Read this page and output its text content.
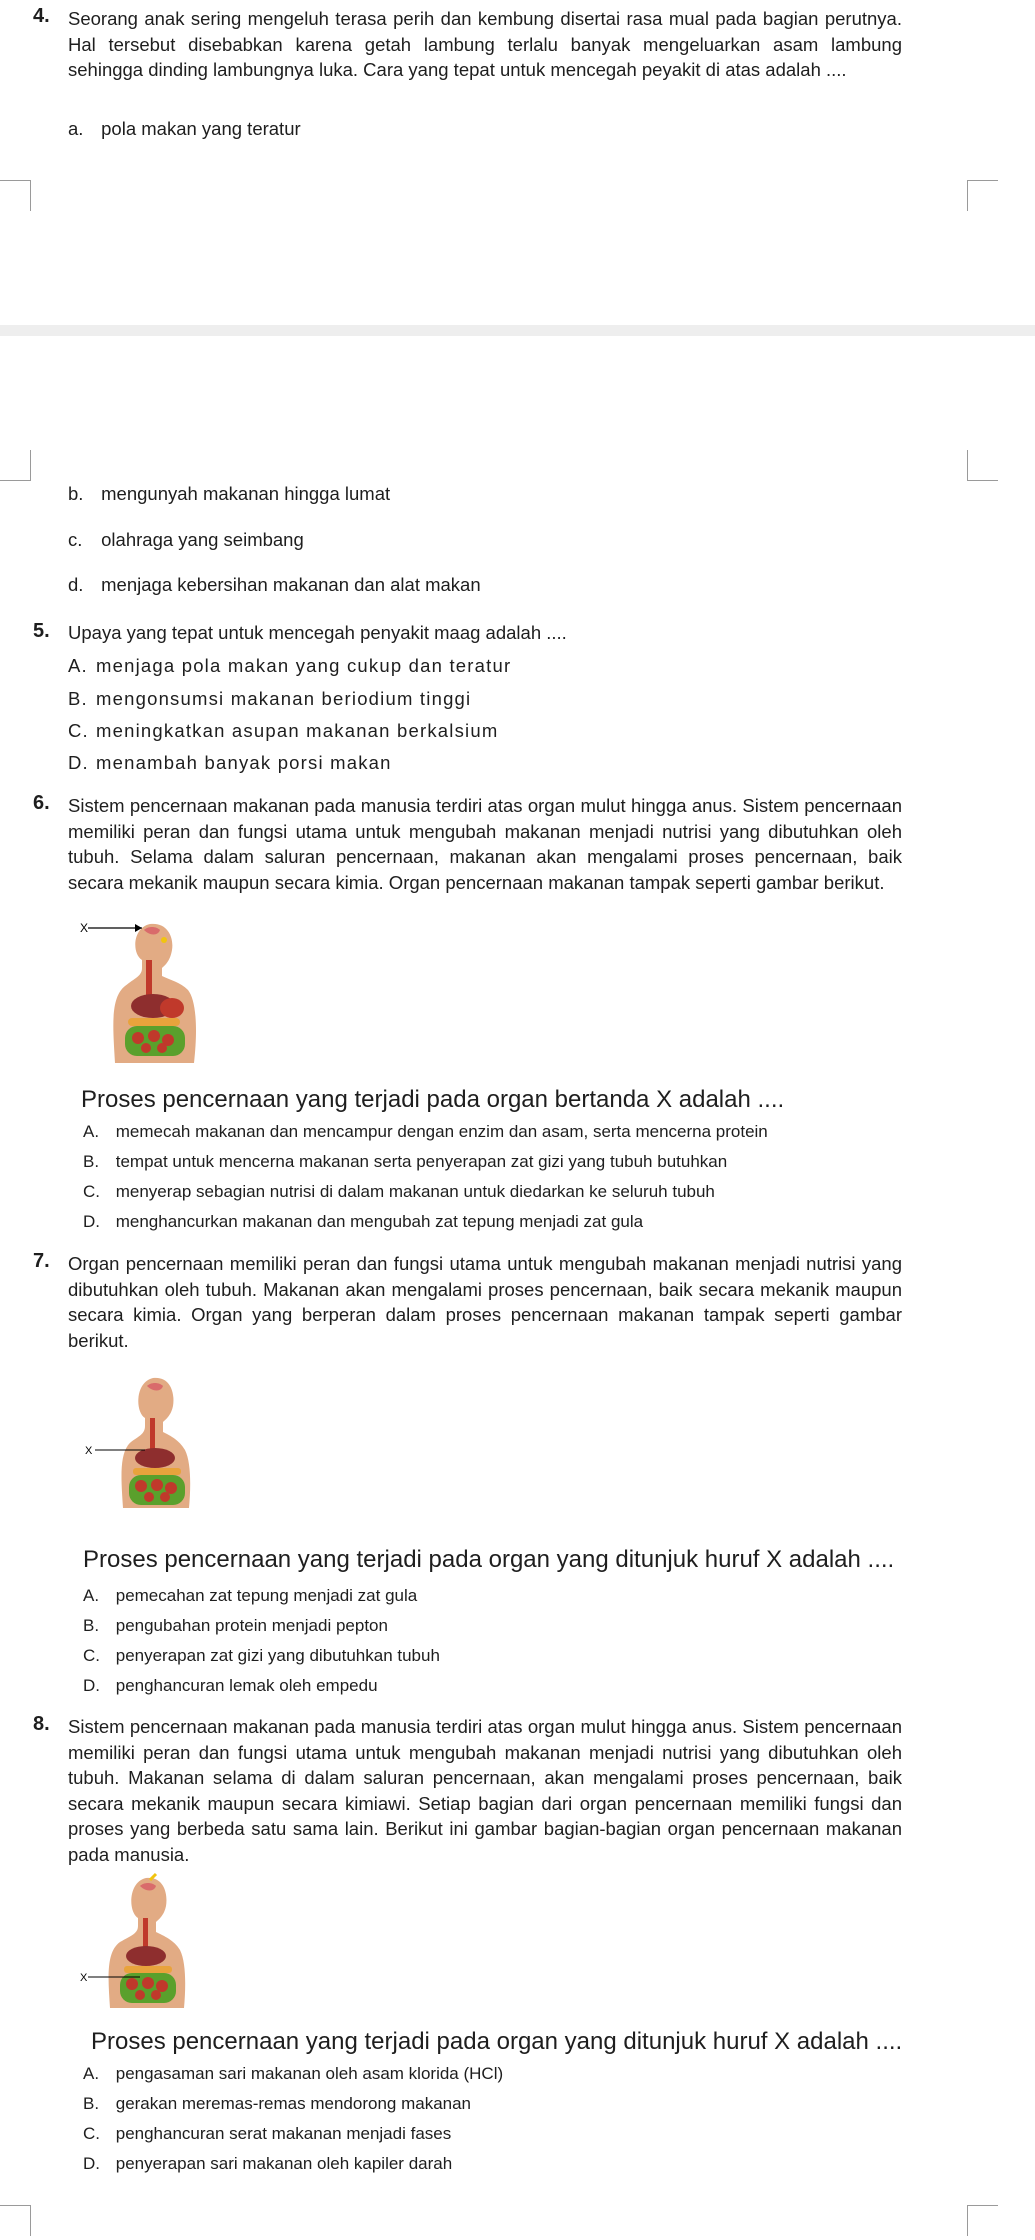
4. Seorang anak sering mengeluh terasa perih dan kembung disertai rasa mual pada bagian perutnya. Hal tersebut disebabkan karena getah lambung terlalu banyak mengeluarkan asam lambung sehingga dinding lambungnya luka. Cara yang tepat untuk mencegah peyakit di atas adalah ....
a. pola makan yang teratur
b. mengunyah makanan hingga lumat
c. olahraga yang seimbang
d. menjaga kebersihan makanan dan alat makan
5. Upaya yang tepat untuk mencegah penyakit maag adalah ....
A. menjaga pola makan yang cukup dan teratur
B. mengonsumsi makanan beriodium tinggi
C. meningkatkan asupan makanan berkalsium
D. menambah banyak porsi makan
6. Sistem pencernaan makanan pada manusia terdiri atas organ mulut hingga anus. Sistem pencernaan memiliki peran dan fungsi utama untuk mengubah makanan menjadi nutrisi yang dibutuhkan oleh tubuh. Selama dalam saluran pencernaan, makanan akan mengalami proses pencernaan, baik secara mekanik maupun secara kimia. Organ pencernaan makanan tampak seperti gambar berikut.
X
Proses pencernaan yang terjadi pada organ bertanda X adalah ....
A. memecah makanan dan mencampur dengan enzim dan asam, serta mencerna protein
B. tempat untuk mencerna makanan serta penyerapan zat gizi yang tubuh butuhkan
C. menyerap sebagian nutrisi di dalam makanan untuk diedarkan ke seluruh tubuh
D. menghancurkan makanan dan mengubah zat tepung menjadi zat gula
7. Organ pencernaan memiliki peran dan fungsi utama untuk mengubah makanan menjadi nutrisi yang dibutuhkan oleh tubuh. Makanan akan mengalami proses pencernaan, baik secara mekanik maupun secara kimia. Organ yang berperan dalam proses pencernaan makanan tampak seperti gambar berikut.
X
Proses pencernaan yang terjadi pada organ yang ditunjuk huruf X adalah ....
A. pemecahan zat tepung menjadi zat gula
B. pengubahan protein menjadi pepton
C. penyerapan zat gizi yang dibutuhkan tubuh
D. penghancuran lemak oleh empedu
8. Sistem pencernaan makanan pada manusia terdiri atas organ mulut hingga anus. Sistem pencernaan memiliki peran dan fungsi utama untuk mengubah makanan menjadi nutrisi yang dibutuhkan oleh tubuh. Makanan selama di dalam saluran pencernaan, akan mengalami proses pencernaan, baik secara mekanik maupun secara kimiawi. Setiap bagian dari organ pencernaan memiliki fungsi dan proses yang berbeda satu sama lain. Berikut ini gambar bagian-bagian organ pencernaan makanan pada manusia.
X
Proses pencernaan yang terjadi pada organ yang ditunjuk huruf X adalah ....
A. pengasaman sari makanan oleh asam klorida (HCl)
B. gerakan meremas-remas mendorong makanan
C. penghancuran serat makanan menjadi fases
D. penyerapan sari makanan oleh kapiler darah
